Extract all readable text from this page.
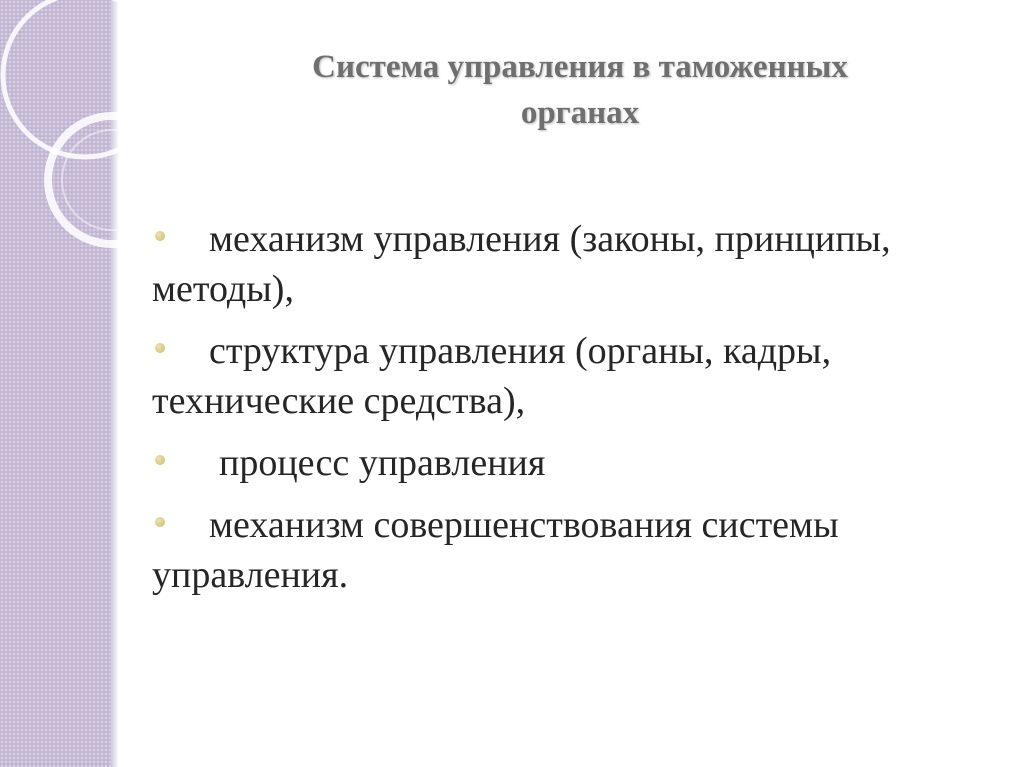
Система управления в таможенных
органах
механизм управления (законы, принципы, методы),
структура управления (органы, кадры, технические средства),
процесс управления
механизм совершенствования системы управления.
